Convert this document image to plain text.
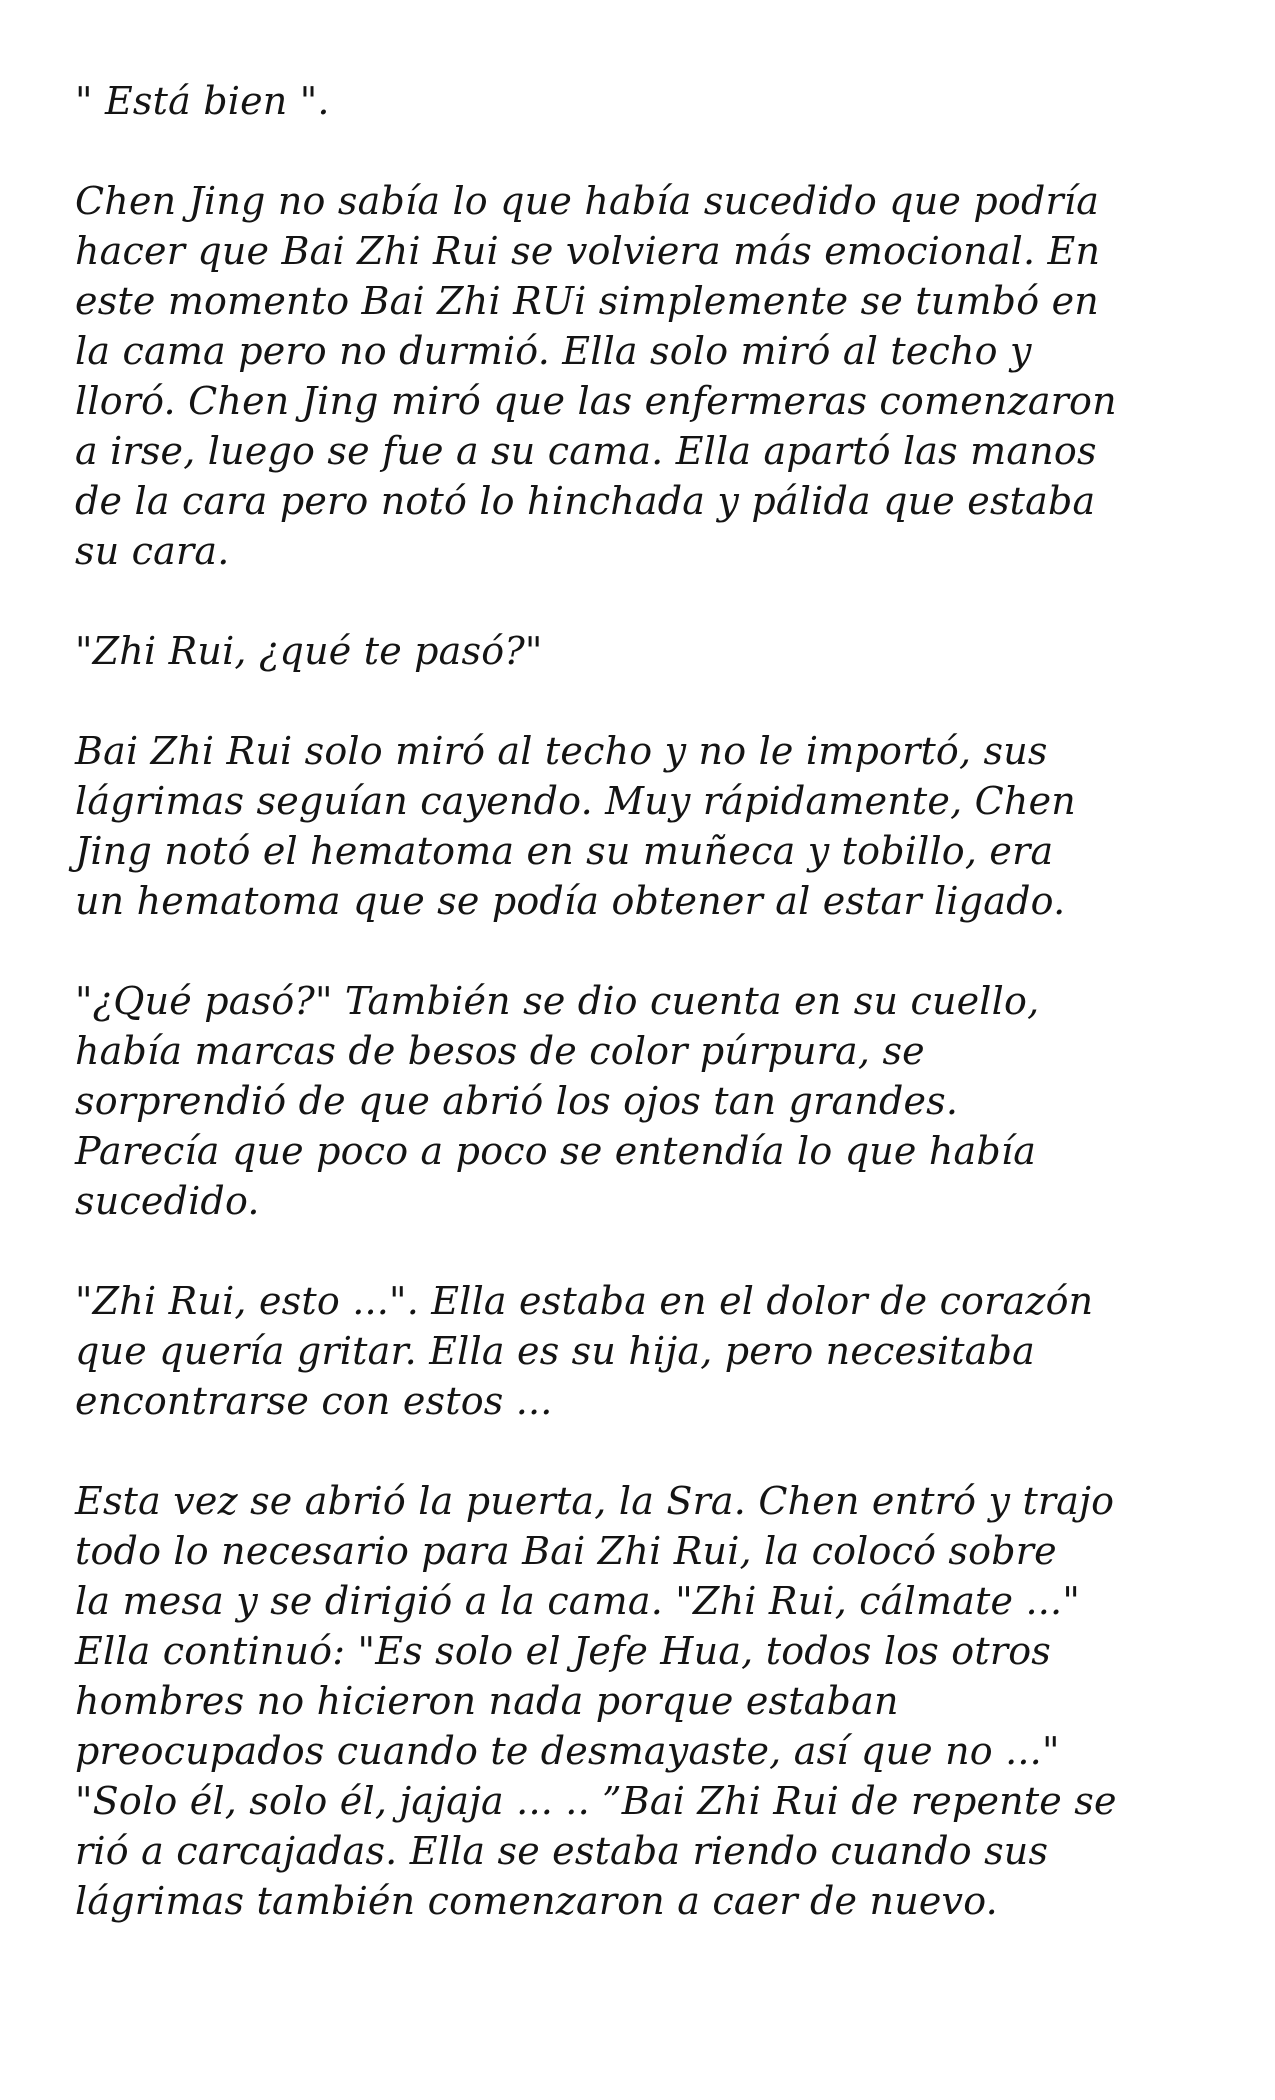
" Está bien ".

Chen Jing no sabía lo que había sucedido que podría
hacer que Bai Zhi Rui se volviera más emocional. En
este momento Bai Zhi RUi simplemente se tumbó en
la cama pero no durmió. Ella solo miró al techo y
lloró. Chen Jing miró que las enfermeras comenzaron
a irse, luego se fue a su cama. Ella apartó las manos
de la cara pero notó lo hinchada y pálida que estaba
su cara.

"Zhi Rui, ¿qué te pasó?"

Bai Zhi Rui solo miró al techo y no le importó, sus
lágrimas seguían cayendo. Muy rápidamente, Chen
Jing notó el hematoma en su muñeca y tobillo, era
un hematoma que se podía obtener al estar ligado.

"¿Qué pasó?" También se dio cuenta en su cuello,
había marcas de besos de color púrpura, se
sorprendió de que abrió los ojos tan grandes.
Parecía que poco a poco se entendía lo que había
sucedido.

"Zhi Rui, esto ...". Ella estaba en el dolor de corazón
que quería gritar. Ella es su hija, pero necesitaba
encontrarse con estos ...

Esta vez se abrió la puerta, la Sra. Chen entró y trajo
todo lo necesario para Bai Zhi Rui, la colocó sobre
la mesa y se dirigió a la cama. "Zhi Rui, cálmate ..."
Ella continuó: "Es solo el Jefe Hua, todos los otros
hombres no hicieron nada porque estaban
preocupados cuando te desmayaste, así que no ..."
"Solo él, solo él, jajaja ... .. ”Bai Zhi Rui de repente se
rió a carcajadas. Ella se estaba riendo cuando sus
lágrimas también comenzaron a caer de nuevo.
